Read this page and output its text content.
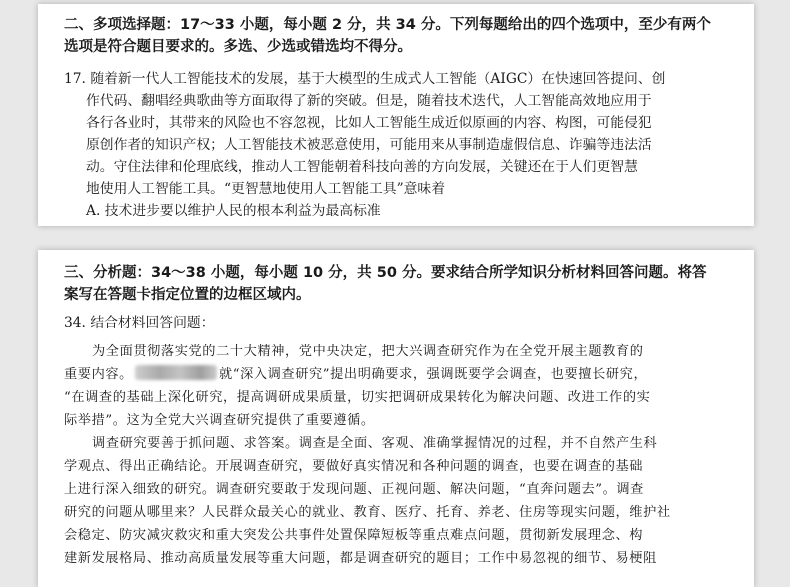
二、多项选择题：17～33 小题，每小题 2 分，共 34 分。下列每题给出的四个选项中，至少有两个
选项是符合题目要求的。多选、少选或错选均不得分。
17. 随着新一代人工智能技术的发展，基于大模型的生成式人工智能（AIGC）在快速回答提问、创
作代码、翻唱经典歌曲等方面取得了新的突破。但是，随着技术迭代，人工智能高效地应用于
各行各业时，其带来的风险也不容忽视，比如人工智能生成近似原画的内容、构图，可能侵犯
原创作者的知识产权；人工智能技术被恶意使用，可能用来从事制造虚假信息、诈骗等违法活
动。守住法律和伦理底线，推动人工智能朝着科技向善的方向发展，关键还在于人们更智慧
地使用人工智能工具。“更智慧地使用人工智能工具”意味着
A. 技术进步要以维护人民的根本利益为最高标准
三、分析题：34～38 小题，每小题 10 分，共 50 分。要求结合所学知识分析材料回答问题。将答
案写在答题卡指定位置的边框区域内。
34. 结合材料回答问题：
为全面贯彻落实党的二十大精神，党中央决定，把大兴调查研究作为在全党开展主题教育的
重要内容。	就“深入调查研究”提出明确要求，强调既要学会调查，也要擅长研究，
“在调查的基础上深化研究，提高调研成果质量，切实把调研成果转化为解决问题、改进工作的实
际举措”。这为全党大兴调查研究提供了重要遵循。
调查研究要善于抓问题、求答案。调查是全面、客观、准确掌握情况的过程，并不自然产生科
学观点、得出正确结论。开展调查研究，要做好真实情况和各种问题的调查，也要在调查的基础
上进行深入细致的研究。调查研究要敢于发现问题、正视问题、解决问题，“直奔问题去”。调查
研究的问题从哪里来？人民群众最关心的就业、教育、医疗、托育、养老、住房等现实问题，维护社
会稳定、防灾减灾救灾和重大突发公共事件处置保障短板等重点难点问题，贯彻新发展理念、构
建新发展格局、推动高质量发展等重大问题，都是调查研究的题目；工作中易忽视的细节、易梗阻
